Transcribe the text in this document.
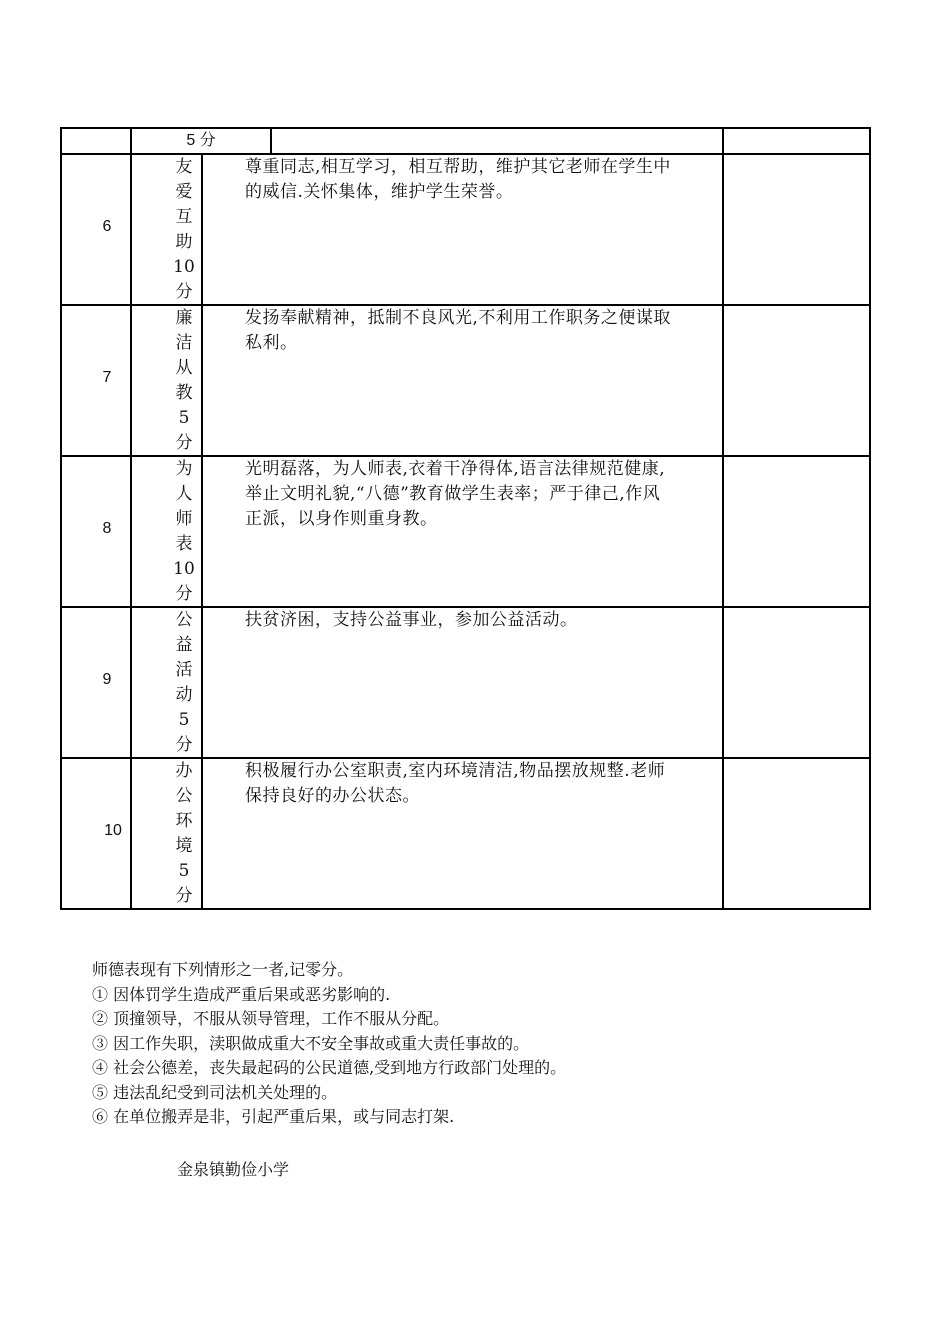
5 分
6
友
爱
互
助
10
分
尊重同志,相互学习，相互帮助，维护其它老师在学生中
的威信.关怀集体，维护学生荣誉。
7
廉
洁
从
教
5
分
发扬奉献精神，抵制不良风光,不利用工作职务之便谋取
私利。
8
为
人
师
表
10
分
光明磊落，为人师表,衣着干净得体,语言法律规范健康,
举止文明礼貌,“八德”教育做学生表率；严于律己,作风
正派，以身作则重身教。
9
公
益
活
动
5
分
扶贫济困，支持公益事业，参加公益活动。
10
办
公
环
境
5
分
积极履行办公室职责,室内环境清洁,物品摆放规整.老师
保持良好的办公状态。
师德表现有下列情形之一者,记零分。
① 因体罚学生造成严重后果或恶劣影响的.
② 顶撞领导，不服从领导管理，工作不服从分配。
③ 因工作失职，渎职做成重大不安全事故或重大责任事故的。
④ 社会公德差，丧失最起码的公民道德,受到地方行政部门处理的。
⑤ 违法乱纪受到司法机关处理的。
⑥ 在单位搬弄是非，引起严重后果，或与同志打架.
金泉镇勤俭小学
